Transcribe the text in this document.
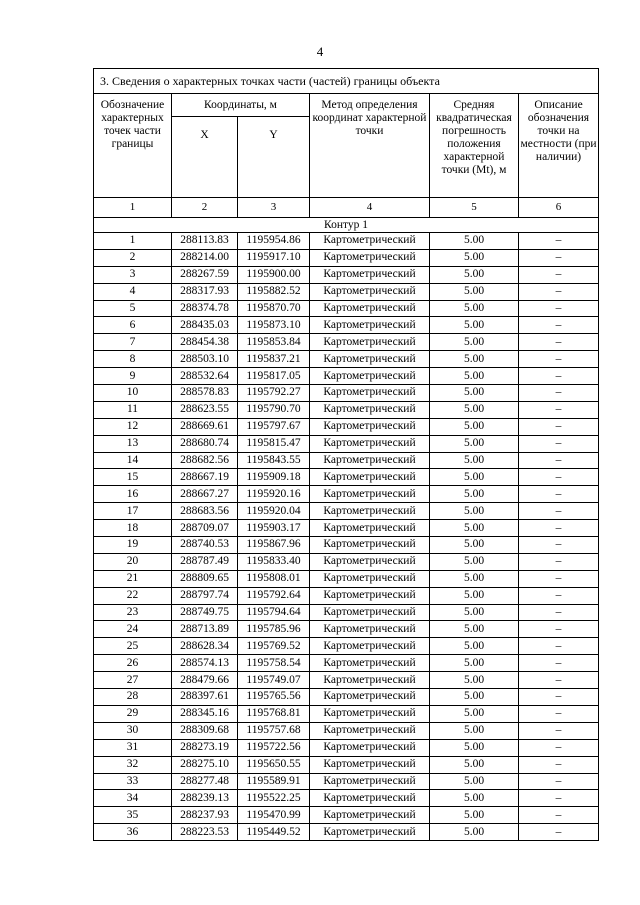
4
3. Сведения о характерных точках части (частей) границы объекта					
Обозначение характерных точек части границы	Координаты, м		Метод определения координат характерной точки	Средняя квадратическая погрешность положения характерной точки (Mt), м	Описание обозначения точки на местности (при наличии)
	X	Y			
1	2	3	4	5	6
Контур 1					
1	288113.83	1195954.86	Картометрический	5.00	–
2	288214.00	1195917.10	Картометрический	5.00	–
3	288267.59	1195900.00	Картометрический	5.00	–
4	288317.93	1195882.52	Картометрический	5.00	–
5	288374.78	1195870.70	Картометрический	5.00	–
6	288435.03	1195873.10	Картометрический	5.00	–
7	288454.38	1195853.84	Картометрический	5.00	–
8	288503.10	1195837.21	Картометрический	5.00	–
9	288532.64	1195817.05	Картометрический	5.00	–
10	288578.83	1195792.27	Картометрический	5.00	–
11	288623.55	1195790.70	Картометрический	5.00	–
12	288669.61	1195797.67	Картометрический	5.00	–
13	288680.74	1195815.47	Картометрический	5.00	–
14	288682.56	1195843.55	Картометрический	5.00	–
15	288667.19	1195909.18	Картометрический	5.00	–
16	288667.27	1195920.16	Картометрический	5.00	–
17	288683.56	1195920.04	Картометрический	5.00	–
18	288709.07	1195903.17	Картометрический	5.00	–
19	288740.53	1195867.96	Картометрический	5.00	–
20	288787.49	1195833.40	Картометрический	5.00	–
21	288809.65	1195808.01	Картометрический	5.00	–
22	288797.74	1195792.64	Картометрический	5.00	–
23	288749.75	1195794.64	Картометрический	5.00	–
24	288713.89	1195785.96	Картометрический	5.00	–
25	288628.34	1195769.52	Картометрический	5.00	–
26	288574.13	1195758.54	Картометрический	5.00	–
27	288479.66	1195749.07	Картометрический	5.00	–
28	288397.61	1195765.56	Картометрический	5.00	–
29	288345.16	1195768.81	Картометрический	5.00	–
30	288309.68	1195757.68	Картометрический	5.00	–
31	288273.19	1195722.56	Картометрический	5.00	–
32	288275.10	1195650.55	Картометрический	5.00	–
33	288277.48	1195589.91	Картометрический	5.00	–
34	288239.13	1195522.25	Картометрический	5.00	–
35	288237.93	1195470.99	Картометрический	5.00	–
36	288223.53	1195449.52	Картометрический	5.00	–
